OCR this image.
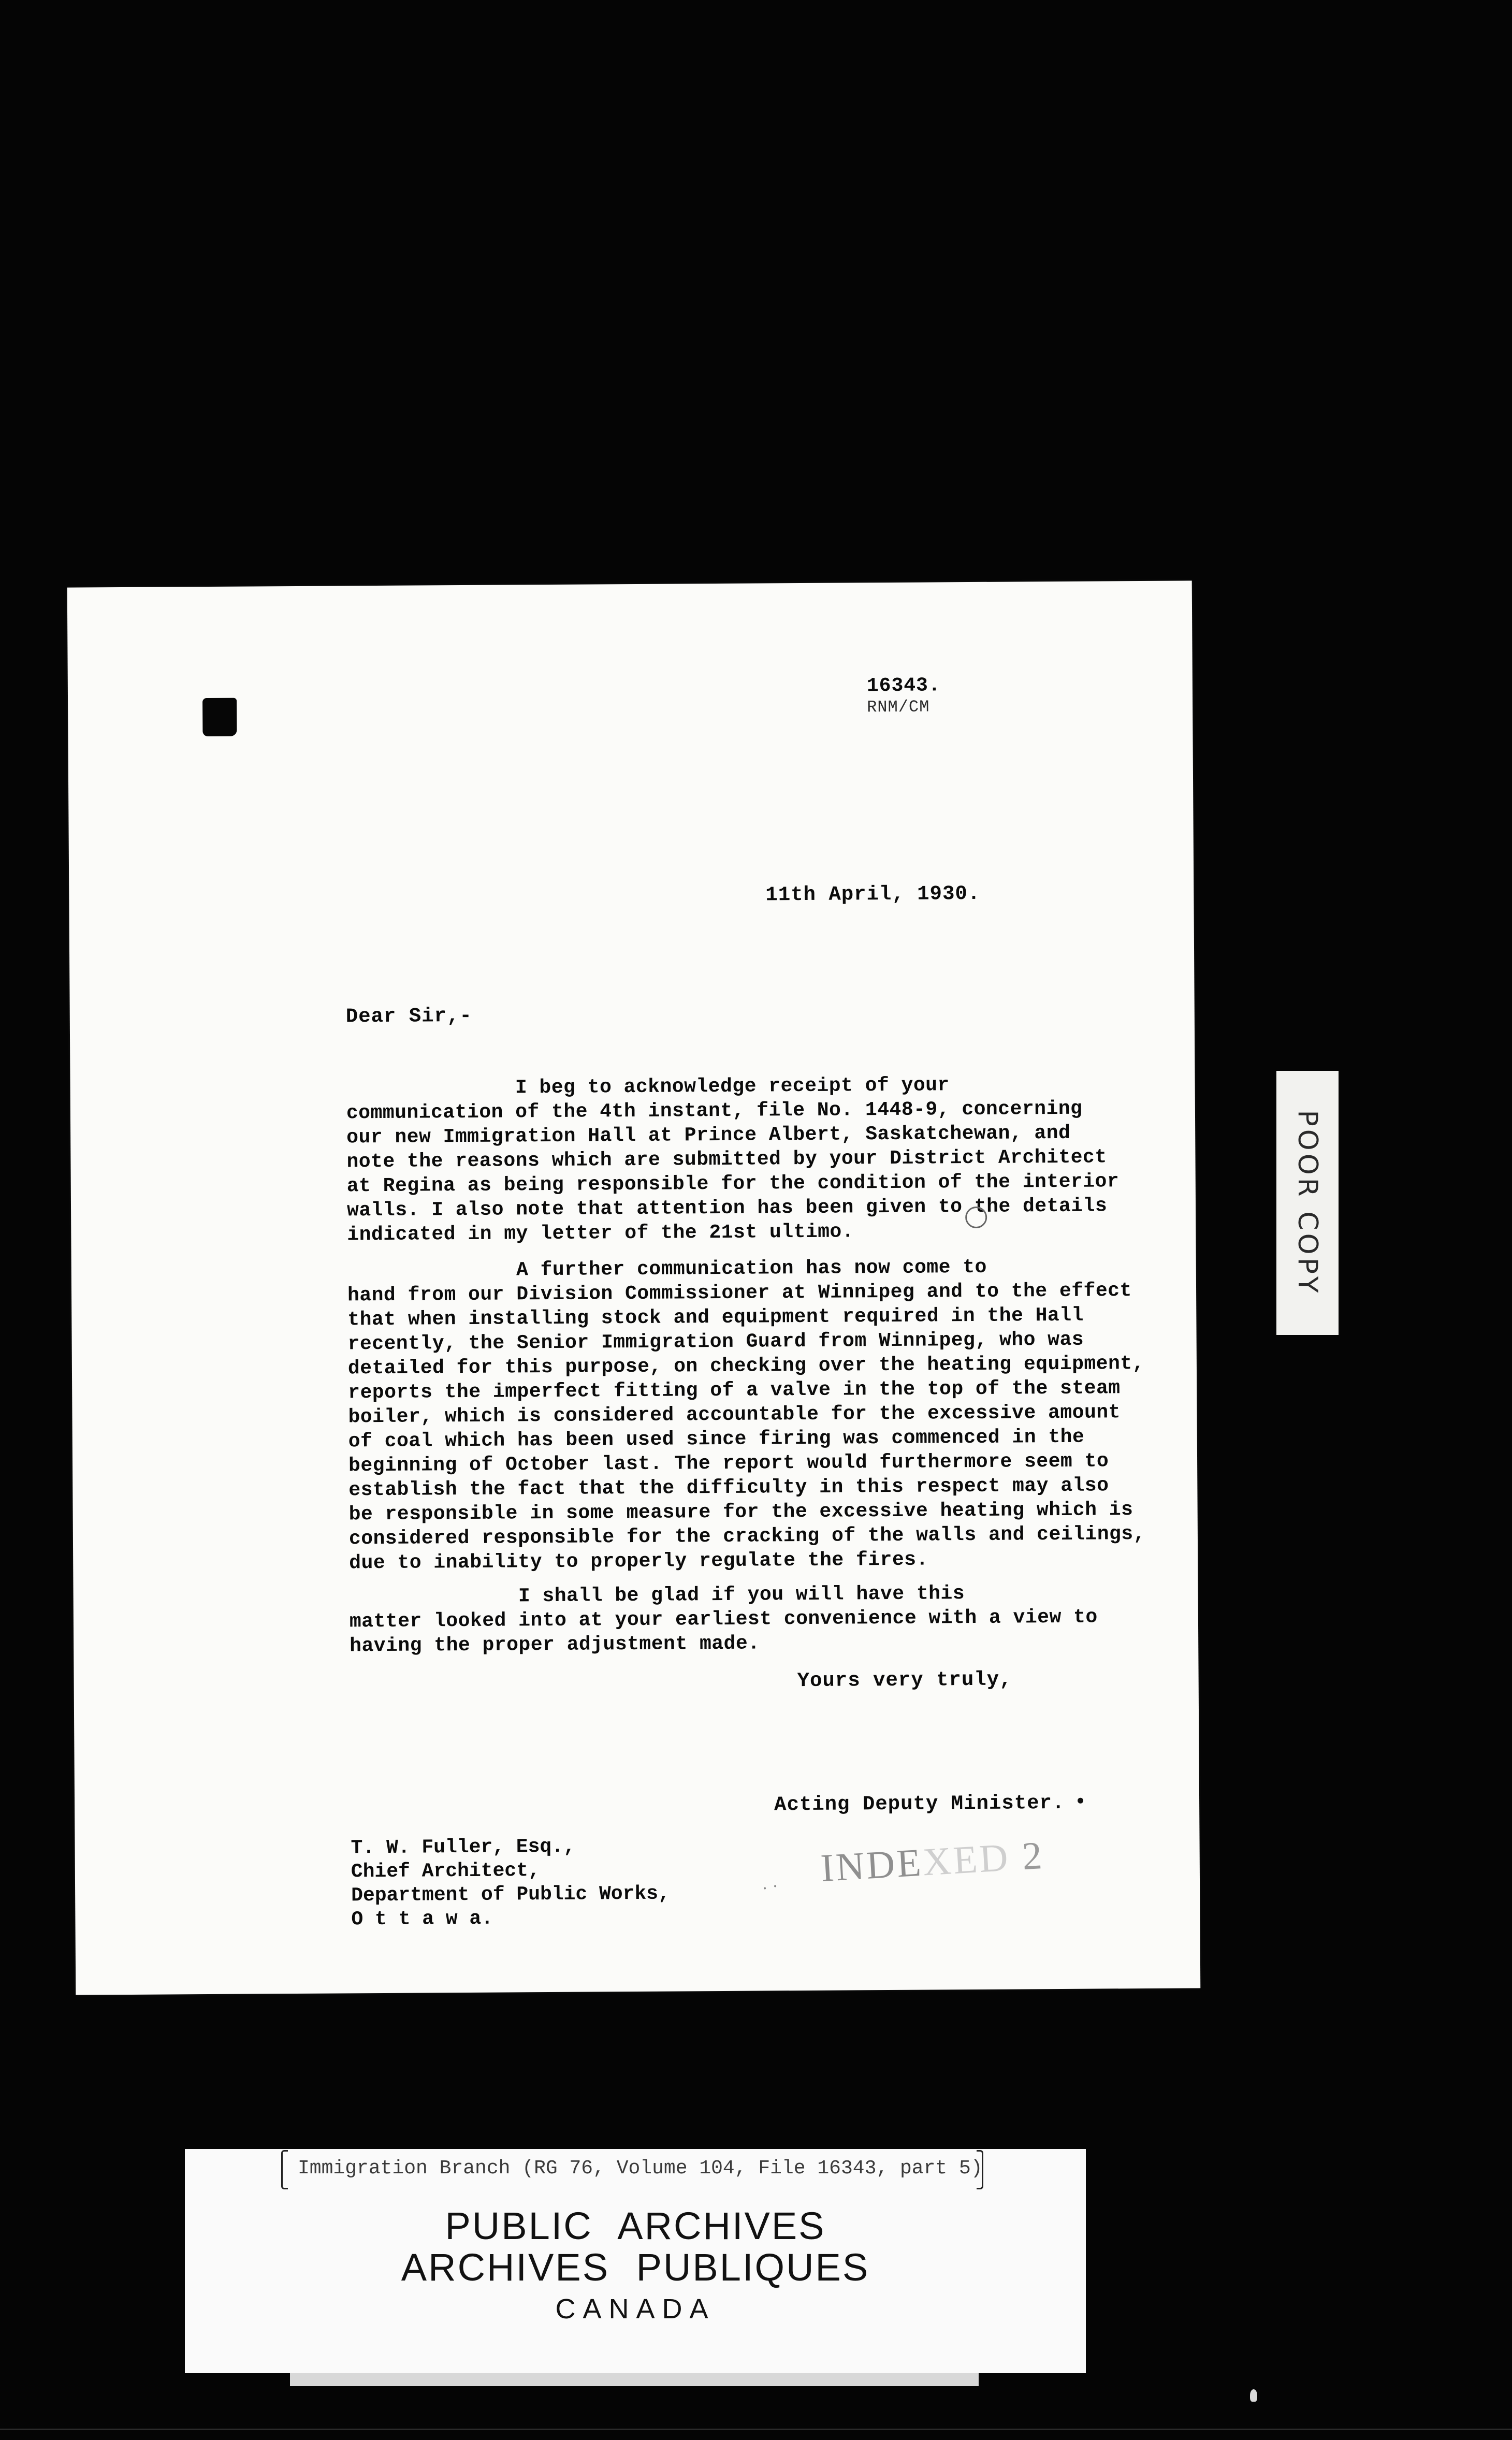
16343.
RNM/CM
11th April, 1930.
Dear Sir,-
I beg to acknowledge receipt of your
communication of the 4th instant, file No. 1448-9, concerning
our new Immigration Hall at Prince Albert, Saskatchewan, and
note the reasons which are submitted by your District Architect
at Regina as being responsible for the condition of the interior
walls. I also note that attention has been given to the details
indicated in my letter of the 21st ultimo.
A further communication has now come to
hand from our Division Commissioner at Winnipeg and to the effect
that when installing stock and equipment required in the Hall
recently, the Senior Immigration Guard from Winnipeg, who was
detailed for this purpose, on checking over the heating equipment,
reports the imperfect fitting of a valve in the top of the steam
boiler, which is considered accountable for the excessive amount
of coal which has been used since firing was commenced in the
beginning of October last. The report would furthermore seem to
establish the fact that the difficulty in this respect may also
be responsible in some measure for the excessive heating which is
considered responsible for the cracking of the walls and ceilings,
due to inability to properly regulate the fires.
I shall be glad if you will have this
matter looked into at your earliest convenience with a view to
having the proper adjustment made.
Yours very truly,
Acting Deputy Minister.
T. W. Fuller, Esq.,
Chief Architect,
Department of Public Works,
O t t a w a.
INDEXED 2
POOR COPY
Immigration Branch (RG 76, Volume 104, File 16343, part 5)
PUBLIC ARCHIVES
ARCHIVES PUBLIQUES
CANADA
